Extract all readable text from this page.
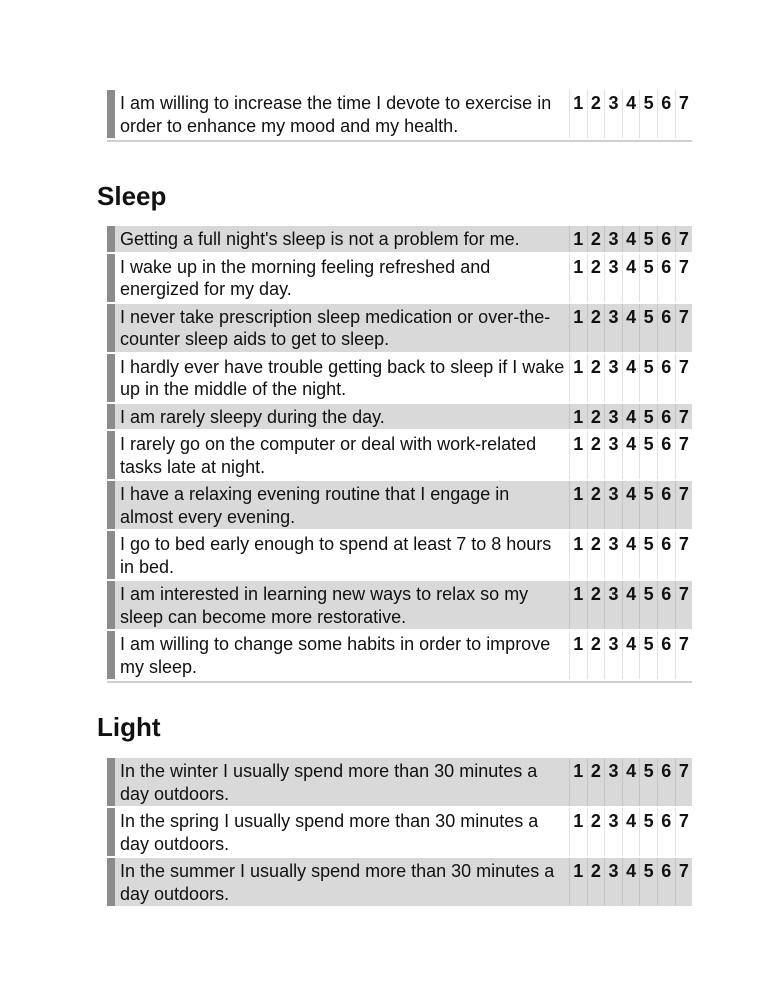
	I am willing to increase the time I devote to exercise in order to enhance my mood and my health.	1	2	3	4	5	6	7
Sleep
	Getting a full night's sleep is not a problem for me.	1	2	3	4	5	6	7
	I wake up in the morning feeling refreshed and energized for my day.	1	2	3	4	5	6	7
	I never take prescription sleep medication or over-the-counter sleep aids to get to sleep.	1	2	3	4	5	6	7
	I hardly ever have trouble getting back to sleep if I wake up in the middle of the night.	1	2	3	4	5	6	7
	I am rarely sleepy during the day.	1	2	3	4	5	6	7
	I rarely go on the computer or deal with work-related tasks late at night.	1	2	3	4	5	6	7
	I have a relaxing evening routine that I engage in almost every evening.	1	2	3	4	5	6	7
	I go to bed early enough to spend at least 7 to 8 hours in bed.	1	2	3	4	5	6	7
	I am interested in learning new ways to relax so my sleep can become more restorative.	1	2	3	4	5	6	7
	I am willing to change some habits in order to improve my sleep.	1	2	3	4	5	6	7
Light
	In the winter I usually spend more than 30 minutes a day outdoors.	1	2	3	4	5	6	7
	In the spring I usually spend more than 30 minutes a day outdoors.	1	2	3	4	5	6	7
	In the summer I usually spend more than 30 minutes a day outdoors.	1	2	3	4	5	6	7
